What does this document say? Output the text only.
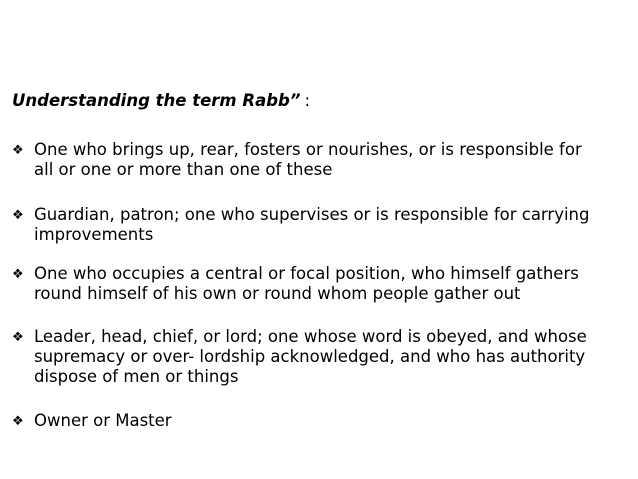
Understanding the term Rabb” :
❖ One who brings up, rear, fosters or nourishes, or is responsible for
all or one or more than one of these
❖ Guardian, patron; one who supervises or is responsible for carrying
improvements
❖ One who occupies a central or focal position, who himself gathers
round himself of his own or round whom people gather out
❖ Leader, head, chief, or lord; one whose word is obeyed, and whose
supremacy or over- lordship acknowledged, and who has authority
dispose of men or things
❖ Owner or Master
